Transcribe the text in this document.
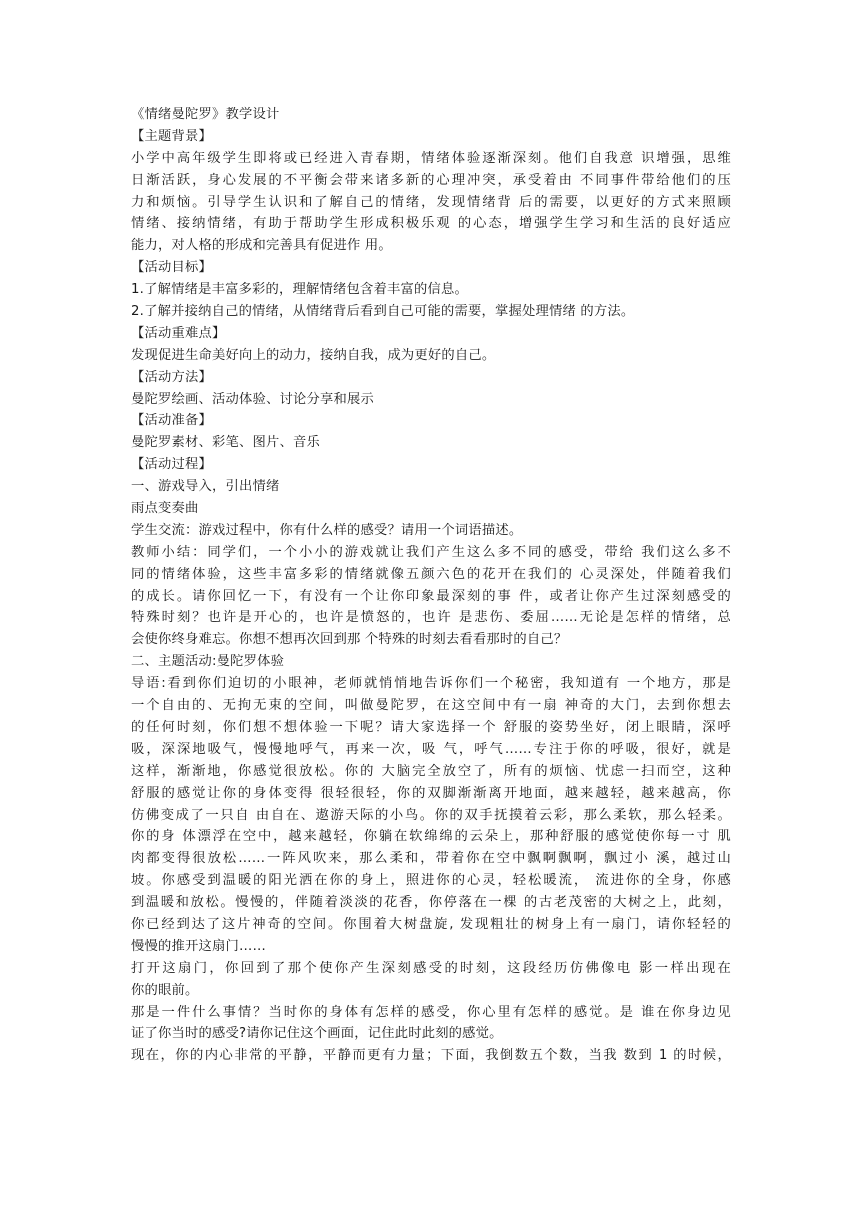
《情绪曼陀罗》教学设计
【主题背景】
小学中高年级学生即将或已经进入青春期，情绪体验逐渐深刻。他们自我意 识增强，思维
日渐活跃，身心发展的不平衡会带来诸多新的心理冲突，承受着由 不同事件带给他们的压
力和烦恼。引导学生认识和了解自己的情绪，发现情绪背 后的需要，以更好的方式来照顾
情绪、接纳情绪，有助于帮助学生形成积极乐观 的心态，增强学生学习和生活的良好适应
能力，对人格的形成和完善具有促进作 用。
【活动目标】
1.了解情绪是丰富多彩的，理解情绪包含着丰富的信息。
2.了解并接纳自己的情绪，从情绪背后看到自己可能的需要，掌握处理情绪 的方法。
【活动重难点】
发现促进生命美好向上的动力，接纳自我，成为更好的自己。
【活动方法】
曼陀罗绘画、活动体验、讨论分享和展示
【活动准备】
曼陀罗素材、彩笔、图片、音乐
【活动过程】
一、游戏导入，引出情绪
雨点变奏曲
学生交流：游戏过程中，你有什么样的感受？请用一个词语描述。
教师小结：同学们，一个小小的游戏就让我们产生这么多不同的感受，带给 我们这么多不
同的情绪体验，这些丰富多彩的情绪就像五颜六色的花开在我们的 心灵深处，伴随着我们
的成长。请你回忆一下，有没有一个让你印象最深刻的事 件，或者让你产生过深刻感受的
特殊时刻？也许是开心的，也许是愤怒的，也许 是悲伤、委屈……无论是怎样的情绪，总
会使你终身难忘。你想不想再次回到那 个特殊的时刻去看看那时的自己？
二、主题活动:曼陀罗体验
导语:看到你们迫切的小眼神，老师就悄悄地告诉你们一个秘密，我知道有 一个地方，那是
一个自由的、无拘无束的空间，叫做曼陀罗，在这空间中有一扇 神奇的大门，去到你想去
的任何时刻，你们想不想体验一下呢？请大家选择一个 舒服的姿势坐好，闭上眼睛，深呼
吸，深深地吸气，慢慢地呼气，再来一次，吸 气，呼气……专注于你的呼吸，很好，就是
这样，渐渐地，你感觉很放松。你的 大脑完全放空了，所有的烦恼、忧虑一扫而空，这种
舒服的感觉让你的身体变得 很轻很轻，你的双脚渐渐离开地面，越来越轻，越来越高，你
仿佛变成了一只自 由自在、遨游天际的小鸟。你的双手抚摸着云彩，那么柔软，那么轻柔。
你的身 体漂浮在空中，越来越轻，你躺在软绵绵的云朵上，那种舒服的感觉使你每一寸 肌
肉都变得很放松……一阵风吹来，那么柔和，带着你在空中飘啊飘啊，飘过小 溪，越过山
坡。你感受到温暖的阳光洒在你的身上，照进你的心灵，轻松暖流， 流进你的全身，你感
到温暖和放松。慢慢的，伴随着淡淡的花香，你停落在一棵 的古老茂密的大树之上，此刻，
你已经到达了这片神奇的空间。你围着大树盘旋, 发现粗壮的树身上有一扇门，请你轻轻的
慢慢的推开这扇门……
打开这扇门，你回到了那个使你产生深刻感受的时刻，这段经历仿佛像电 影一样出现在
你的眼前。
那是一件什么事情？当时你的身体有怎样的感受，你心里有怎样的感觉。是 谁在你身边见
证了你当时的感受?请你记住这个画面，记住此时此刻的感觉。
现在，你的内心非常的平静，平静而更有力量；下面，我倒数五个数，当我 数到 1 的时候，
